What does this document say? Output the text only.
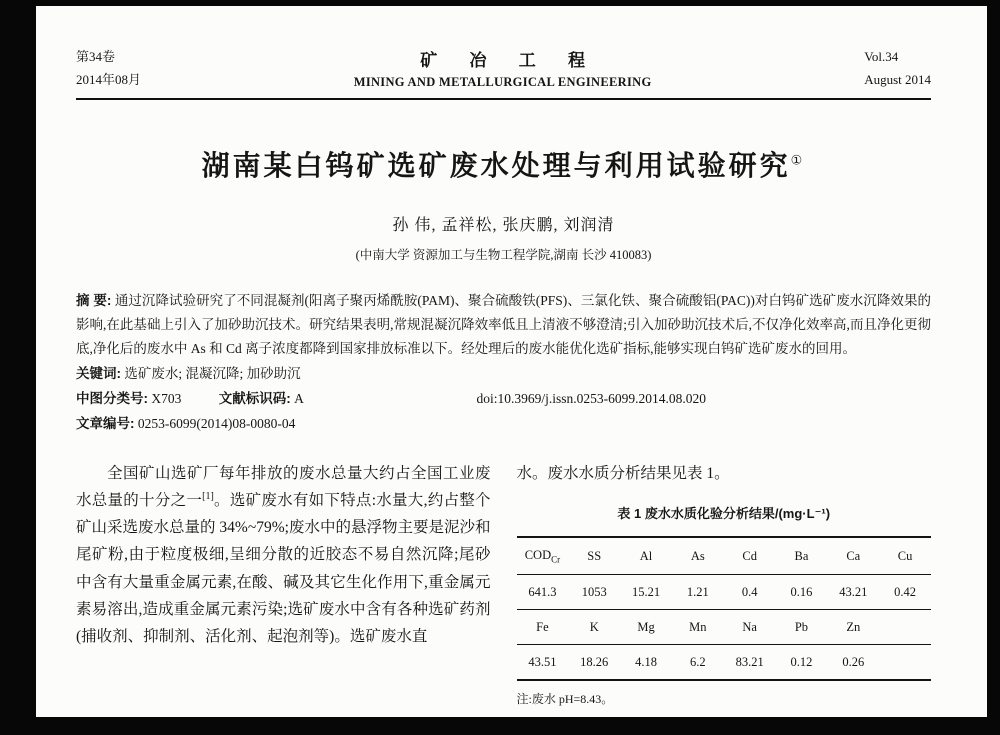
第34卷
2014年08月
矿 冶 工 程
MINING AND METALLURGICAL ENGINEERING
Vol.34
August 2014
湖南某白钨矿选矿废水处理与利用试验研究①
孙 伟, 孟祥松, 张庆鹏, 刘润清
(中南大学 资源加工与生物工程学院,湖南 长沙 410083)
摘 要: 通过沉降试验研究了不同混凝剂(阳离子聚丙烯酰胺(PAM)、聚合硫酸铁(PFS)、三氯化铁、聚合硫酸铝(PAC))对白钨矿选矿废水沉降效果的影响,在此基础上引入了加砂助沉技术。研究结果表明,常规混凝沉降效率低且上清液不够澄清;引入加砂助沉技术后,不仅净化效率高,而且净化更彻底,净化后的废水中 As 和 Cd 离子浓度都降到国家排放标准以下。经处理后的废水能优化选矿指标,能够实现白钨矿选矿废水的回用。
关键词: 选矿废水; 混凝沉降; 加砂助沉
中图分类号: X703	文献标识码: A	doi:10.3969/j.issn.0253-6099.2014.08.020
文章编号: 0253-6099(2014)08-0080-04

全国矿山选矿厂每年排放的废水总量大约占全国工业废水总量的十分之一[1]。选矿废水有如下特点:水量大,约占整个矿山采选废水总量的 34%~79%;废水中的悬浮物主要是泥沙和尾矿粉,由于粒度极细,呈细分散的近胶态不易自然沉降;尾砂中含有大量重金属元素,在酸、碱及其它生化作用下,重金属元素易溶出,造成重金属元素污染;选矿废水中含有各种选矿药剂(捕收剂、抑制剂、活化剂、起泡剂等)。选矿废水直

水。废水水质分析结果见表 1。

表 1 废水水质化验分析结果/(mg·L⁻¹)
$COD_{Cr}$	SS	Al	As	Cd	Ba	Ca	Cu
641.3	1053	15.21	1.21	0.4	0.16	43.21	0.42
Fe	K	Mg	Mn	Na	Pb	Zn	
43.51	18.26	4.18	6.2	83.21	0.12	0.26	
注:废水 pH=8.43。
